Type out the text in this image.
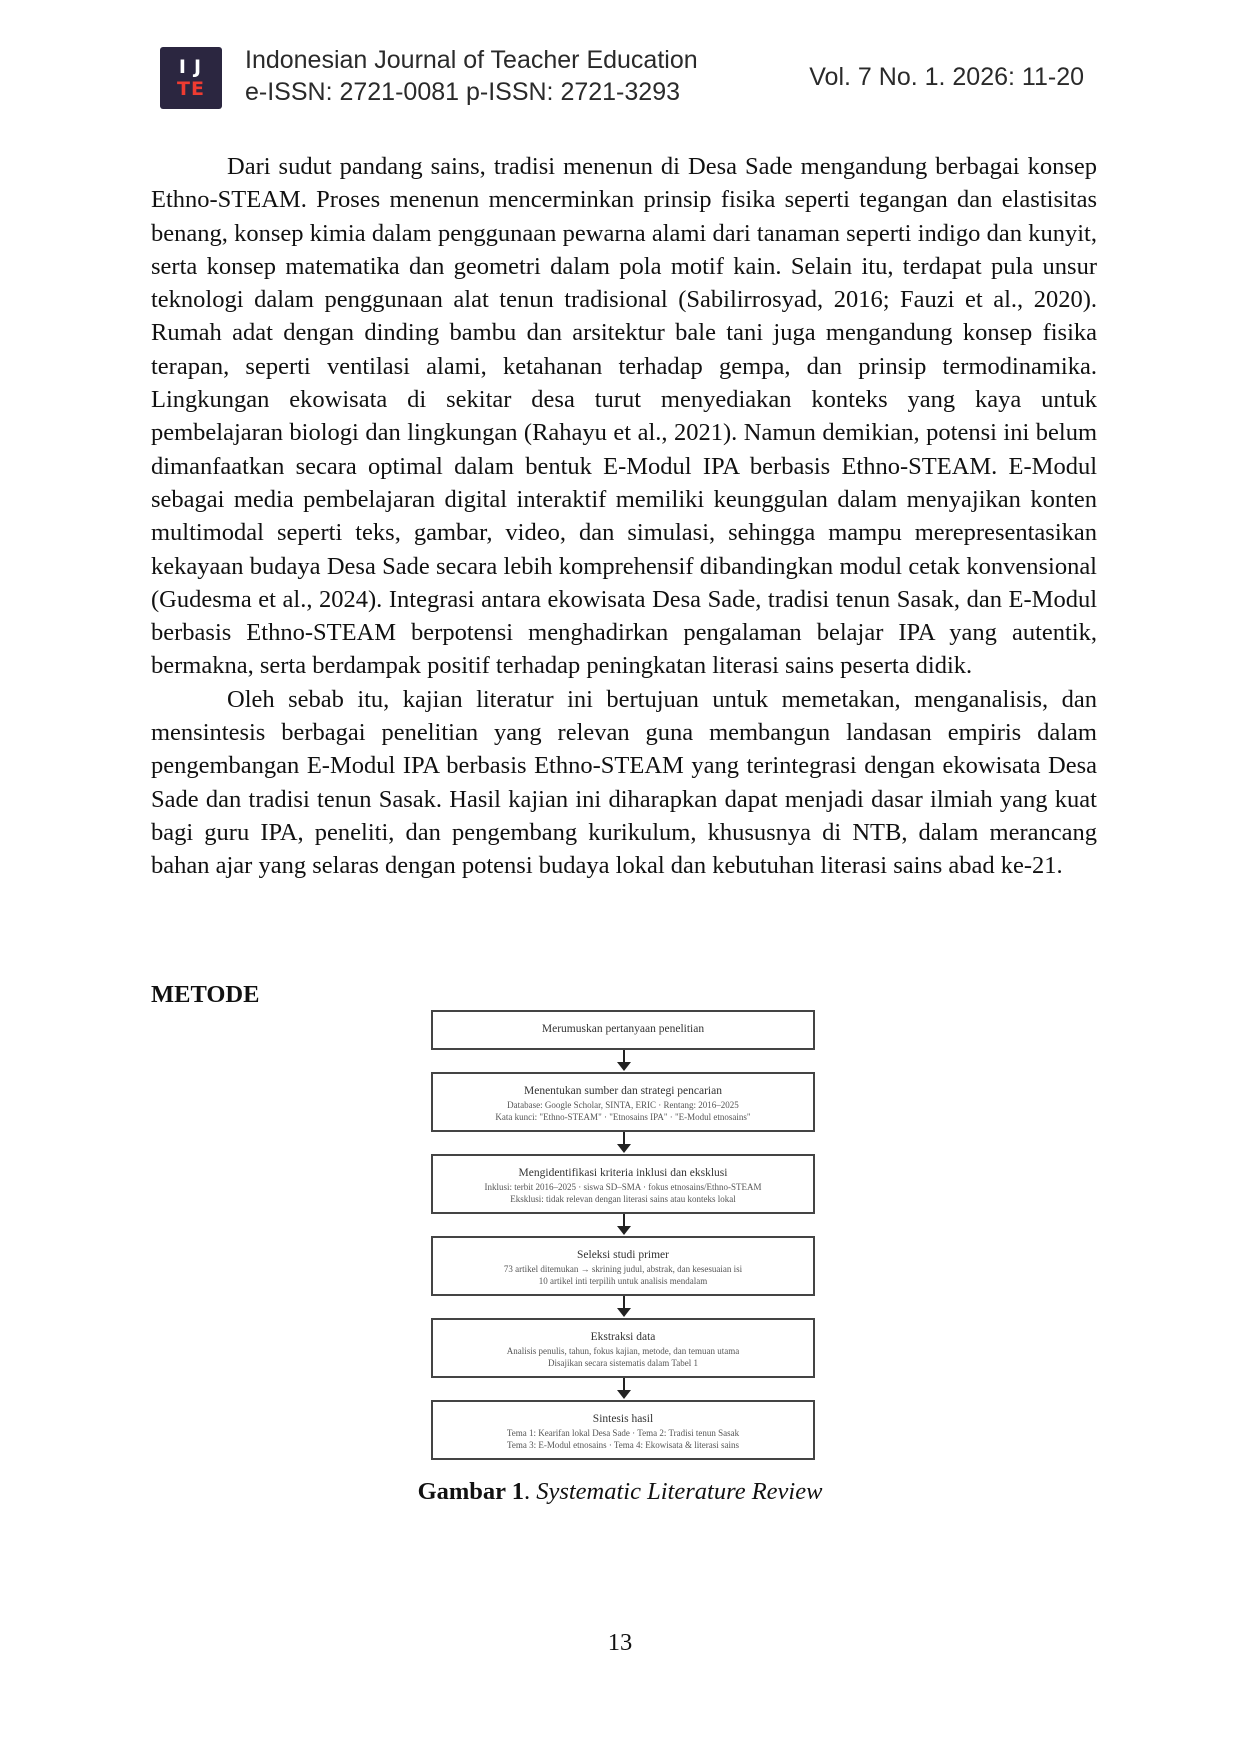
IJ
TE
Indonesian Journal of Teacher Education
e-ISSN: 2721-0081 p-ISSN: 2721-3293
Vol. 7 No. 1. 2026: 11-20

Dari sudut pandang sains, tradisi menenun di Desa Sade mengandung berbagai konsep Ethno-STEAM. Proses menenun mencerminkan prinsip fisika seperti tegangan dan elastisitas benang, konsep kimia dalam penggunaan pewarna alami dari tanaman seperti indigo dan kunyit, serta konsep matematika dan geometri dalam pola motif kain. Selain itu, terdapat pula unsur teknologi dalam penggunaan alat tenun tradisional (Sabilirrosyad, 2016; Fauzi et al., 2020). Rumah adat dengan dinding bambu dan arsitektur bale tani juga mengandung konsep fisika terapan, seperti ventilasi alami, ketahanan terhadap gempa, dan prinsip termodinamika. Lingkungan ekowisata di sekitar desa turut menyediakan konteks yang kaya untuk pembelajaran biologi dan lingkungan (Rahayu et al., 2021). Namun demikian, potensi ini belum dimanfaatkan secara optimal dalam bentuk E-Modul IPA berbasis Ethno-STEAM. E-Modul sebagai media pembelajaran digital interaktif memiliki keunggulan dalam menyajikan konten multimodal seperti teks, gambar, video, dan simulasi, sehingga mampu merepresentasikan kekayaan budaya Desa Sade secara lebih komprehensif dibandingkan modul cetak konvensional (Gudesma et al., 2024). Integrasi antara ekowisata Desa Sade, tradisi tenun Sasak, dan E-Modul berbasis Ethno-STEAM berpotensi menghadirkan pengalaman belajar IPA yang autentik, bermakna, serta berdampak positif terhadap peningkatan literasi sains peserta didik.

Oleh sebab itu, kajian literatur ini bertujuan untuk memetakan, menganalisis, dan mensintesis berbagai penelitian yang relevan guna membangun landasan empiris dalam pengembangan E-Modul IPA berbasis Ethno-STEAM yang terintegrasi dengan ekowisata Desa Sade dan tradisi tenun Sasak. Hasil kajian ini diharapkan dapat menjadi dasar ilmiah yang kuat bagi guru IPA, peneliti, dan pengembang kurikulum, khususnya di NTB, dalam merancang bahan ajar yang selaras dengan potensi budaya lokal dan kebutuhan literasi sains abad ke-21.

METODE
Merumuskan pertanyaan penelitian
Menentukan sumber dan strategi pencarian
Database: Google Scholar, SINTA, ERIC · Rentang: 2016–2025
Kata kunci: "Ethno-STEAM" · "Etnosains IPA" · "E-Modul etnosains"
Mengidentifikasi kriteria inklusi dan eksklusi
Inklusi: terbit 2016–2025 · siswa SD–SMA · fokus etnosains/Ethno-STEAM
Eksklusi: tidak relevan dengan literasi sains atau konteks lokal
Seleksi studi primer
73 artikel ditemukan → skrining judul, abstrak, dan kesesuaian isi
10 artikel inti terpilih untuk analisis mendalam
Ekstraksi data
Analisis penulis, tahun, fokus kajian, metode, dan temuan utama
Disajikan secara sistematis dalam Tabel 1
Sintesis hasil
Tema 1: Kearifan lokal Desa Sade · Tema 2: Tradisi tenun Sasak
Tema 3: E-Modul etnosains · Tema 4: Ekowisata & literasi sains
Gambar 1. Systematic Literature Review
13
